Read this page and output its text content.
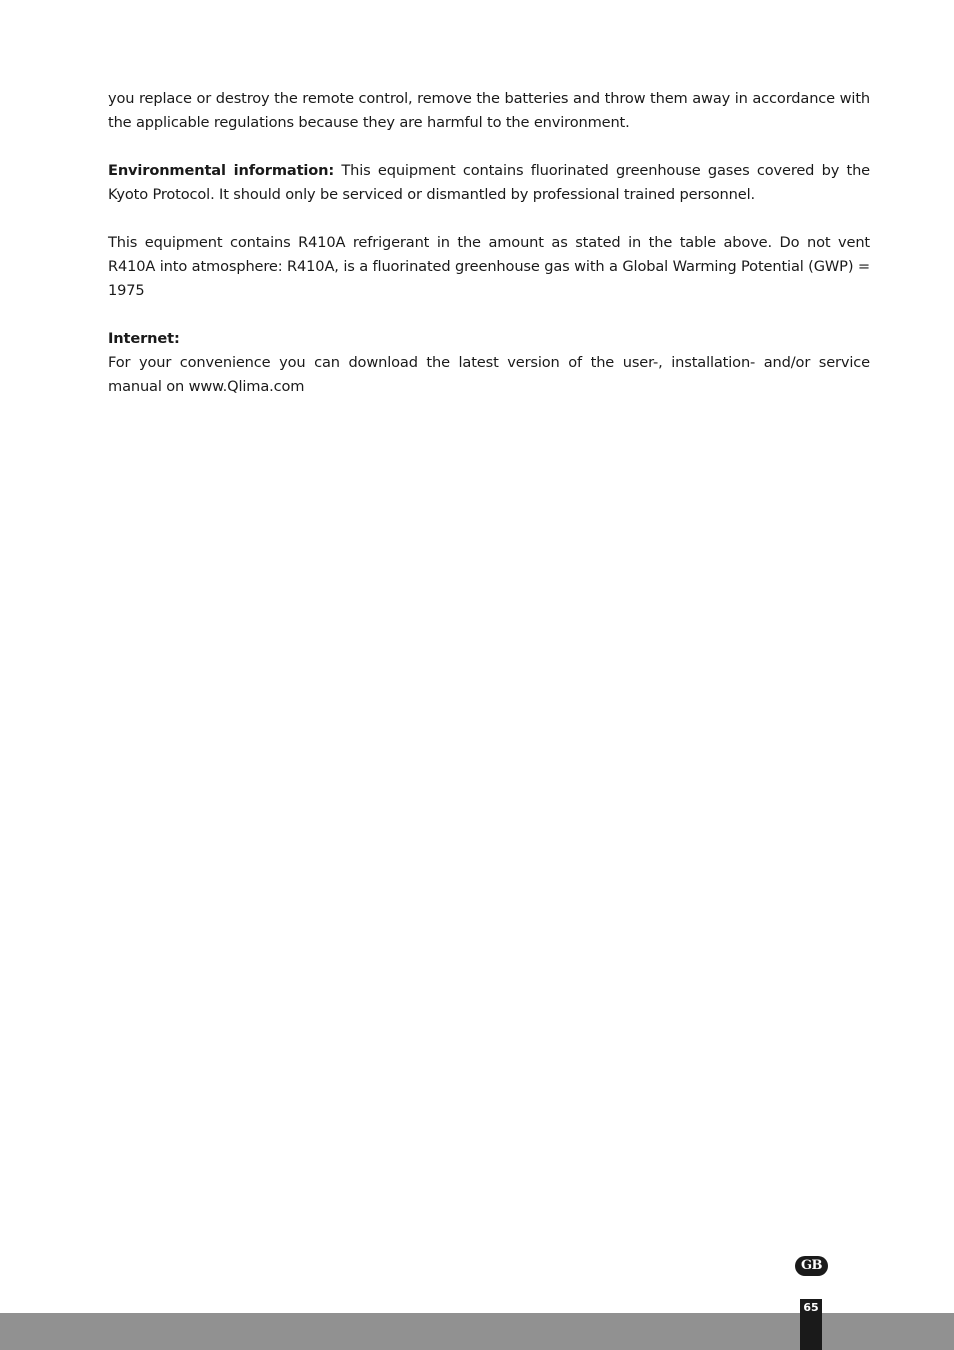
you replace or destroy the remote control, remove the batteries and throw them away in accordance with the applicable regulations because they are harmful to the environment.

Environmental information: This equipment contains fluorinated greenhouse gases covered by the Kyoto Protocol. It should only be serviced or dismantled by professional trained personnel.

This equipment contains R410A refrigerant in the amount as stated in the table above. Do not vent R410A into atmosphere: R410A, is a fluorinated greenhouse gas with a Global Warming Potential (GWP) = 1975

Internet:
For your convenience you can download the latest version of the user-, installation- and/or service manual on www.Qlima.com

GB
65
